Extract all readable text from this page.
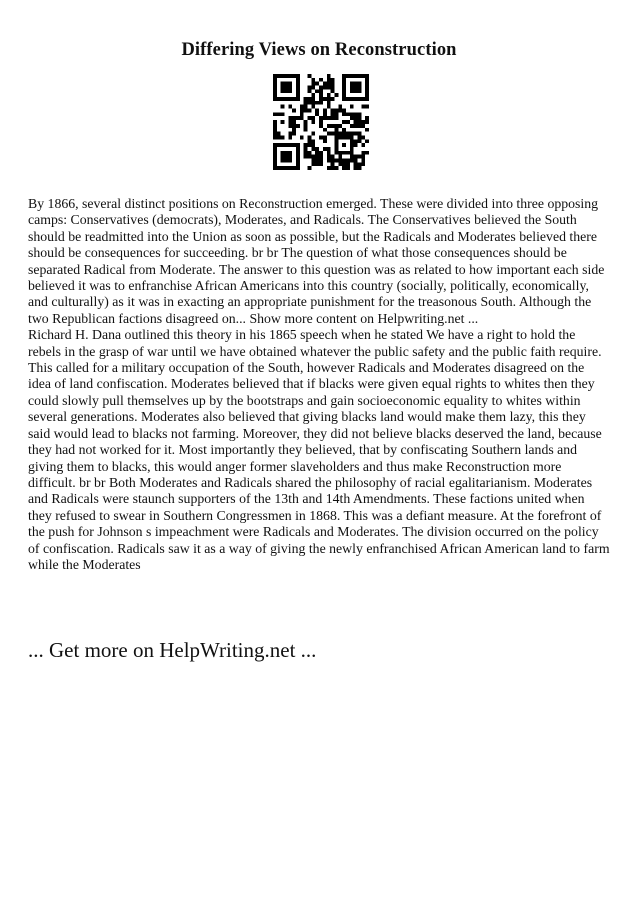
Differing Views on Reconstruction

By 1866, several distinct positions on Reconstruction emerged. These were divided into three opposing camps: Conservatives (democrats), Moderates, and Radicals. The Conservatives believed the South should be readmitted into the Union as soon as possible, but the Radicals and Moderates believed there should be consequences for succeeding. br br The question of what those consequences should be separated Radical from Moderate. The answer to this question was as related to how important each side believed it was to enfranchise African Americans into this country (socially, politically, economically, and culturally) as it was in exacting an appropriate punishment for the treasonous South. Although the two Republican factions disagreed on... Show more content on Helpwriting.net ...

Richard H. Dana outlined this theory in his 1865 speech when he stated We have a right to hold the rebels in the grasp of war until we have obtained whatever the public safety and the public faith require. This called for a military occupation of the South, however Radicals and Moderates disagreed on the idea of land confiscation. Moderates believed that if blacks were given equal rights to whites then they could slowly pull themselves up by the bootstraps and gain socioeconomic equality to whites within several generations. Moderates also believed that giving blacks land would make them lazy, this they said would lead to blacks not farming. Moreover, they did not believe blacks deserved the land, because they had not worked for it. Most importantly they believed, that by confiscating Southern lands and giving them to blacks, this would anger former slaveholders and thus make Reconstruction more difficult. br br Both Moderates and Radicals shared the philosophy of racial egalitarianism. Moderates and Radicals were staunch supporters of the 13th and 14th Amendments. These factions united when they refused to swear in Southern Congressmen in 1868. This was a defiant measure. At the forefront of the push for Johnson s impeachment were Radicals and Moderates. The division occurred on the policy of confiscation. Radicals saw it as a way of giving the newly enfranchised African American land to farm while the Moderates

... Get more on HelpWriting.net ...
